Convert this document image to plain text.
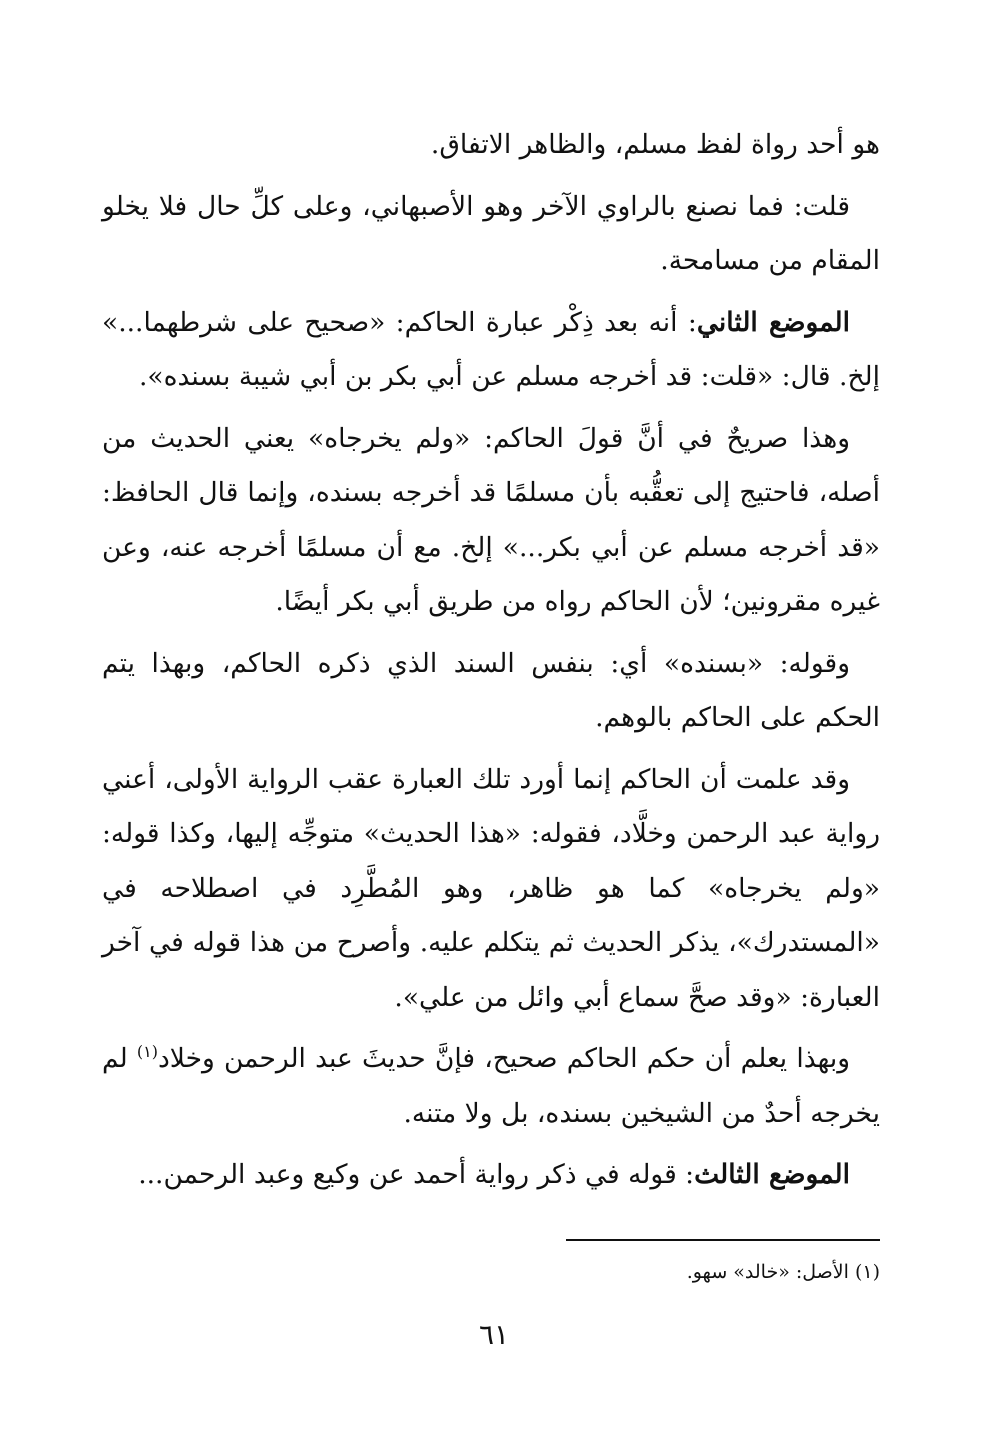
هو أحد رواة لفظ مسلم، والظاهر الاتفاق.

قلت: فما نصنع بالراوي الآخر وهو الأصبهاني، وعلى كلِّ حال فلا يخلو المقام من مسامحة.

الموضع الثاني: أنه بعد ذِكْر عبارة الحاكم: «صحيح على شرطهما...» إلخ. قال: «قلت: قد أخرجه مسلم عن أبي بكر بن أبي شيبة بسنده».

وهذا صريحٌ في أنَّ قولَ الحاكم: «ولم يخرجاه» يعني الحديث من أصله، فاحتيج إلى تعقُّبه بأن مسلمًا قد أخرجه بسنده، وإنما قال الحافظ: «قد أخرجه مسلم عن أبي بكر...» إلخ. مع أن مسلمًا أخرجه عنه، وعن غيره مقرونين؛ لأن الحاكم رواه من طريق أبي بكر أيضًا.

وقوله: «بسنده» أي: بنفس السند الذي ذكره الحاكم، وبهذا يتم الحكم على الحاكم بالوهم.

وقد علمت أن الحاكم إنما أورد تلك العبارة عقب الرواية الأولى، أعني رواية عبد الرحمن وخلَّاد، فقوله: «هذا الحديث» متوجِّه إليها، وكذا قوله: «ولم يخرجاه» كما هو ظاهر، وهو المُطَّرِد في اصطلاحه في «المستدرك»، يذكر الحديث ثم يتكلم عليه. وأصرح من هذا قوله في آخر العبارة: «وقد صحَّ سماع أبي وائل من علي».

وبهذا يعلم أن حكم الحاكم صحيح، فإنَّ حديثَ عبد الرحمن وخلاد$^{(١)}$ لم يخرجه أحدٌ من الشيخين بسنده، بل ولا متنه.

الموضع الثالث: قوله في ذكر رواية أحمد عن وكيع وعبد الرحمن...

(١) الأصل: «خالد» سهو.
٦١
